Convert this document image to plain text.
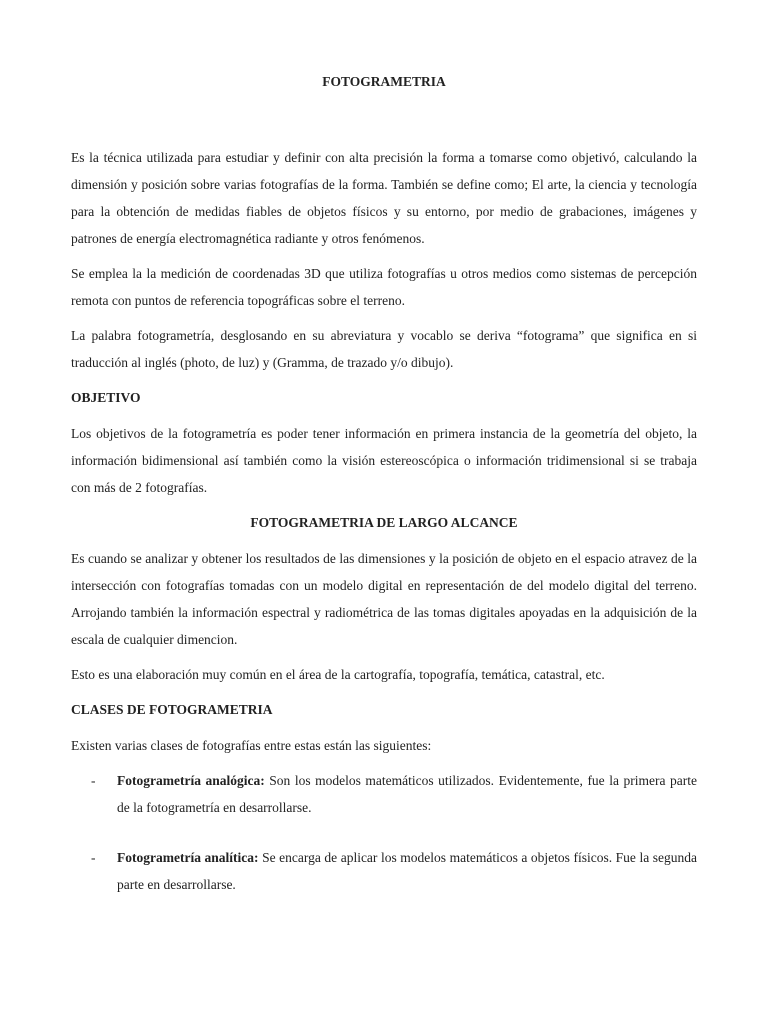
FOTOGRAMETRIA

Es la técnica utilizada para estudiar y definir con alta precisión la forma a tomarse como objetivó, calculando la dimensión y posición sobre varias fotografías de la forma. También se define como; El arte, la ciencia y tecnología para la obtención de medidas fiables de objetos físicos y su entorno, por medio de grabaciones, imágenes y patrones de energía electromagnética radiante y otros fenómenos.

Se emplea la la medición de coordenadas 3D que utiliza fotografías u otros medios como sistemas de percepción remota con puntos de referencia topográficas sobre el terreno.

La palabra fotogrametría, desglosando en su abreviatura y vocablo se deriva “fotograma” que significa en si traducción al inglés (photo, de luz) y (Gramma, de trazado y/o dibujo).

OBJETIVO

Los objetivos de la fotogrametría es poder tener información en primera instancia de la geometría del objeto, la información bidimensional así también como la visión estereoscópica o información tridimensional si se trabaja con más de 2 fotografías.

FOTOGRAMETRIA DE LARGO ALCANCE

Es cuando se analizar y obtener los resultados de las dimensiones y la posición de objeto en el espacio atravez de la intersección con fotografías tomadas con un modelo digital en representación de del modelo digital del terreno. Arrojando también la información espectral y radiométrica de las tomas digitales apoyadas en la adquisición de la escala de cualquier dimencion.

Esto es una elaboración muy común en el área de la cartografía, topografía, temática, catastral, etc.

CLASES DE FOTOGRAMETRIA

Existen varias clases de fotografías entre estas están las siguientes:

- Fotogrametría analógica: Son los modelos matemáticos utilizados. Evidentemente, fue la primera parte de la fotogrametría en desarrollarse.
- Fotogrametría analítica: Se encarga de aplicar los modelos matemáticos a objetos físicos. Fue la segunda parte en desarrollarse.
